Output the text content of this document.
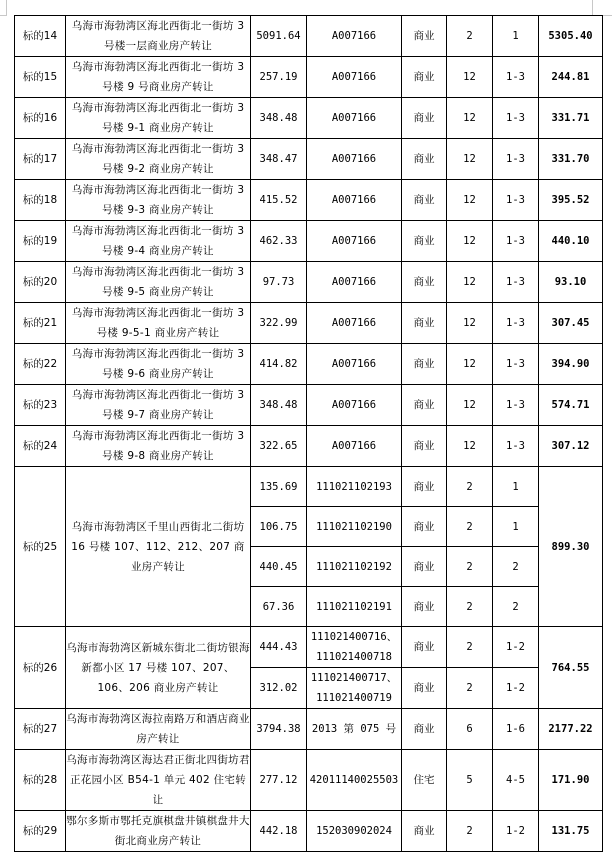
标的14	乌海市海勃湾区海北西街北一街坊 3 号楼一层商业房产转让	5091.64	A007166	商业	2	1	5305.40
标的15	乌海市海勃湾区海北西街北一街坊 3 号楼 9 号商业房产转让	257.19	A007166	商业	12	1-3	244.81
标的16	乌海市海勃湾区海北西街北一街坊 3 号楼 9-1 商业房产转让	348.48	A007166	商业	12	1-3	331.71
标的17	乌海市海勃湾区海北西街北一街坊 3 号楼 9-2 商业房产转让	348.47	A007166	商业	12	1-3	331.70
标的18	乌海市海勃湾区海北西街北一街坊 3 号楼 9-3 商业房产转让	415.52	A007166	商业	12	1-3	395.52
标的19	乌海市海勃湾区海北西街北一街坊 3 号楼 9-4 商业房产转让	462.33	A007166	商业	12	1-3	440.10
标的20	乌海市海勃湾区海北西街北一街坊 3 号楼 9-5 商业房产转让	97.73	A007166	商业	12	1-3	93.10
标的21	乌海市海勃湾区海北西街北一街坊 3 号楼 9-5-1 商业房产转让	322.99	A007166	商业	12	1-3	307.45
标的22	乌海市海勃湾区海北西街北一街坊 3 号楼 9-6 商业房产转让	414.82	A007166	商业	12	1-3	394.90
标的23	乌海市海勃湾区海北西街北一街坊 3 号楼 9-7 商业房产转让	348.48	A007166	商业	12	1-3	574.71
标的24	乌海市海勃湾区海北西街北一街坊 3 号楼 9-8 商业房产转让	322.65	A007166	商业	12	1-3	307.12
标的25	乌海市海勃湾区千里山西街北二街坊 16 号楼 107、112、212、207 商业房产转让	135.69	111021102193	商业	2	1	899.30
		106.75	111021102190	商业	2	1	
		440.45	111021102192	商业	2	2	
		67.36	111021102191	商业	2	2	
标的26	乌海市海勃湾区新城东街北二街坊银海新都小区 17 号楼 107、207、106、206 商业房产转让	444.43	111021400716、111021400718	商业	2	1-2	764.55
		312.02	111021400717、111021400719	商业	2	1-2	
标的27	乌海市海勃湾区海拉南路万和酒店商业房产转让	3794.38	2013 第 075 号	商业	6	1-6	2177.22
标的28	乌海市海勃湾区海达君正街北四街坊君正花园小区 B54-1 单元 402 住宅转让	277.12	42011140025503	住宅	5	4-5	171.90
标的29	鄂尔多斯市鄂托克旗棋盘井镇棋盘井大街北商业房产转让	442.18	152030902024	商业	2	1-2	131.75
